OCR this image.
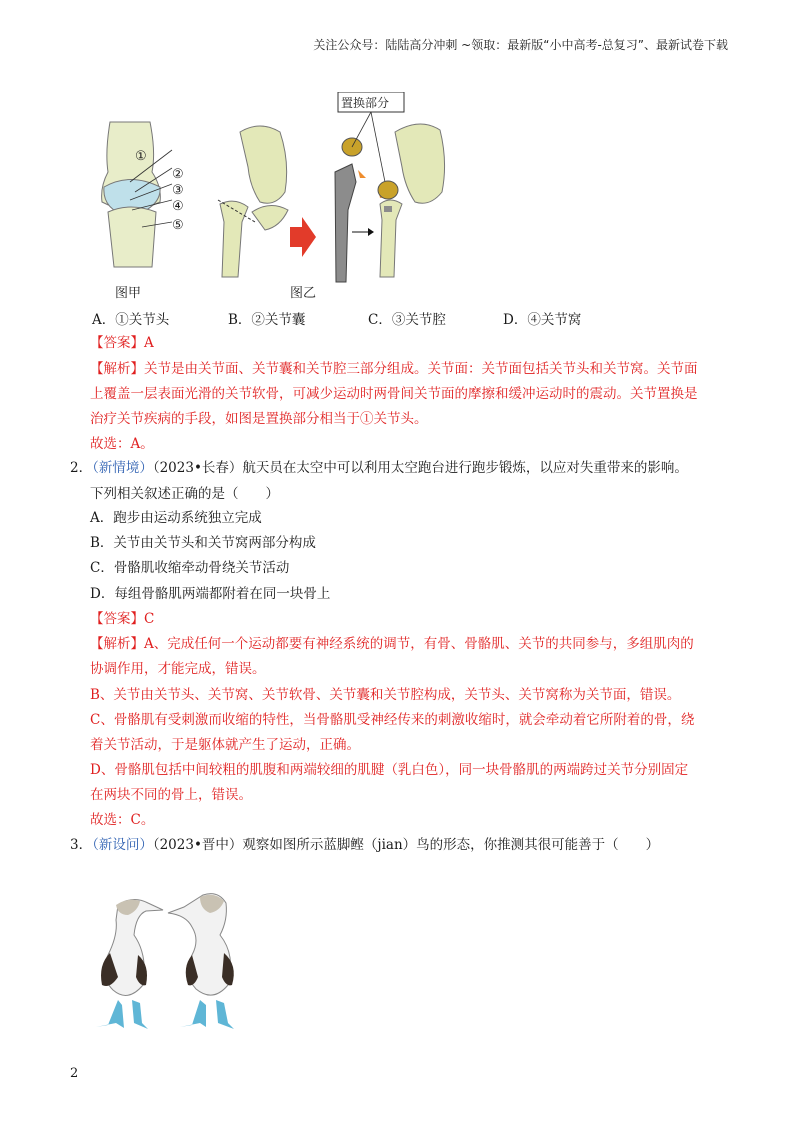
关注公众号：陆陆高分冲刺 ~领取：最新版“小中高考-总复习”、最新试卷下载
①
②
③
④
⑤
置换部分
图甲	图乙
A．①关节头	B．②关节囊	C．③关节腔	D．④关节窝
【答案】A
【解析】关节是由关节面、关节囊和关节腔三部分组成。关节面：关节面包括关节头和关节窝。关节面
上覆盖一层表面光滑的关节软骨，可减少运动时两骨间关节面的摩擦和缓冲运动时的震动。关节置换是
治疗关节疾病的手段，如图是置换部分相当于①关节头。
故选：A。
2．（新情境）（2023•长春）航天员在太空中可以利用太空跑台进行跑步锻炼，以应对失重带来的影响。
下列相关叙述正确的是（　　）
A．跑步由运动系统独立完成
B．关节由关节头和关节窝两部分构成
C．骨骼肌收缩牵动骨绕关节活动
D．每组骨骼肌两端都附着在同一块骨上
【答案】C
【解析】A、完成任何一个运动都要有神经系统的调节，有骨、骨骼肌、关节的共同参与，多组肌肉的
协调作用，才能完成，错误。
B、关节由关节头、关节窝、关节软骨、关节囊和关节腔构成，关节头、关节窝称为关节面，错误。
C、骨骼肌有受刺激而收缩的特性，当骨骼肌受神经传来的刺激收缩时，就会牵动着它所附着的骨，绕
着关节活动，于是躯体就产生了运动，正确。
D、骨骼肌包括中间较粗的肌腹和两端较细的肌腱（乳白色），同一块骨骼肌的两端跨过关节分别固定
在两块不同的骨上，错误。
故选：C。
3．（新设问）（2023•晋中）观察如图所示蓝脚鲣（jian）鸟的形态，你推测其很可能善于（　　）
2
